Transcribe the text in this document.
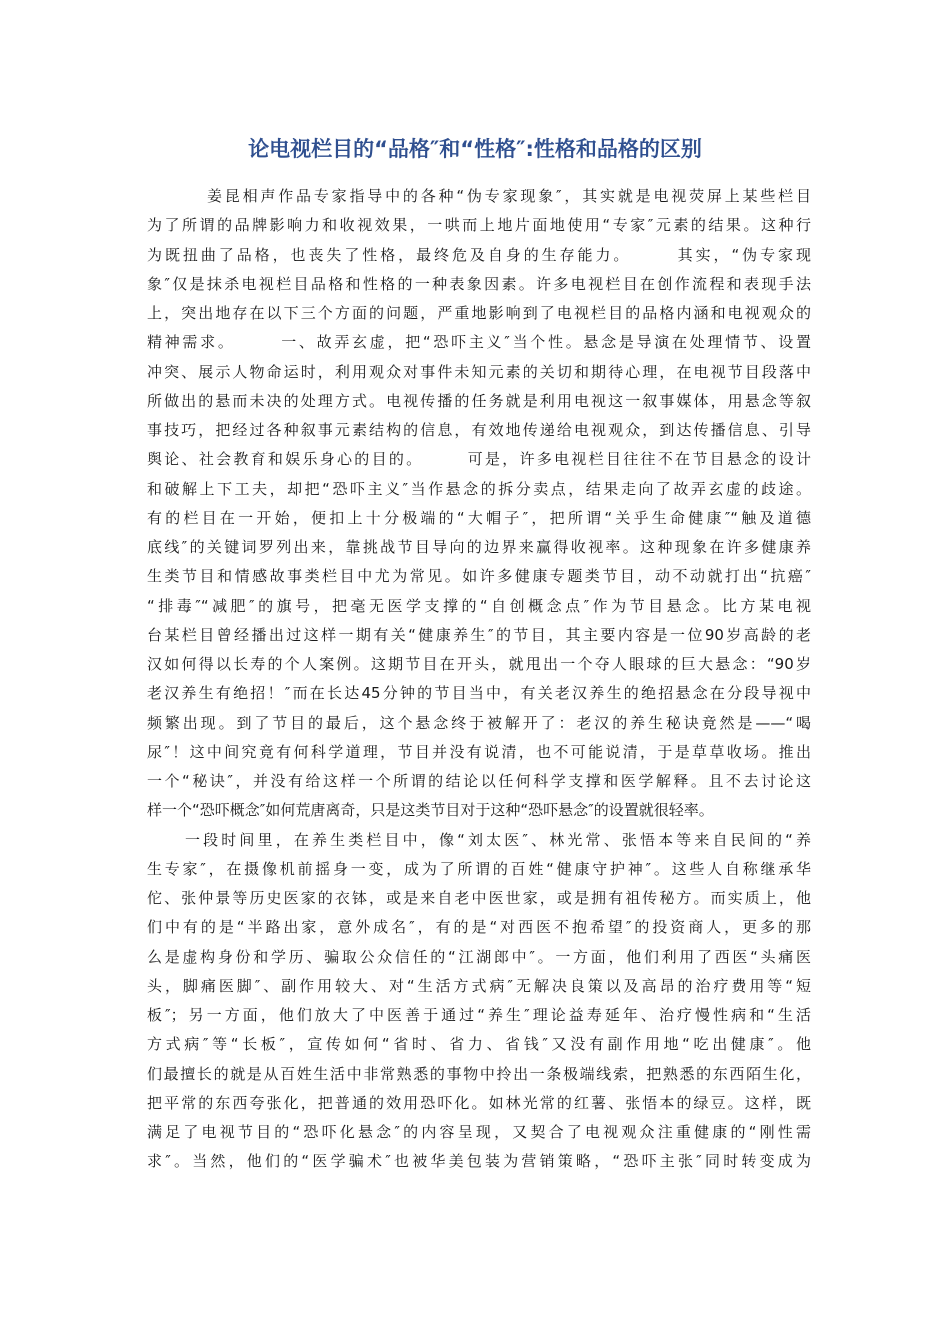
论电视栏目的“品格″和“性格″:性格和品格的区别
姜昆相声作品专家指导中的各种“伪专家现象″，其实就是电视荧屏上某些栏目
为了所谓的品牌影响力和收视效果，一哄而上地片面地使用“专家″元素的结果。这种行
为既扭曲了品格，也丧失了性格，最终危及自身的生存能力。　　　其实，“伪专家现
象″仅是抹杀电视栏目品格和性格的一种表象因素。许多电视栏目在创作流程和表现手法
上，突出地存在以下三个方面的问题，严重地影响到了电视栏目的品格内涵和电视观众的
精神需求。　　　一、故弄玄虚，把“恐吓主义″当个性。悬念是导演在处理情节、设置
冲突、展示人物命运时，利用观众对事件未知元素的关切和期待心理，在电视节目段落中
所做出的悬而未决的处理方式。电视传播的任务就是利用电视这一叙事媒体，用悬念等叙
事技巧，把经过各种叙事元素结构的信息，有效地传递给电视观众，到达传播信息、引导
舆论、社会教育和娱乐身心的目的。　　　可是，许多电视栏目往往不在节目悬念的设计
和破解上下工夫，却把“恐吓主义″当作悬念的拆分卖点，结果走向了故弄玄虚的歧途。
有的栏目在一开始，便扣上十分极端的“大帽子″，把所谓“关乎生命健康″“触及道德
底线″的关键词罗列出来，靠挑战节目导向的边界来赢得收视率。这种现象在许多健康养
生类节目和情感故事类栏目中尤为常见。如许多健康专题类节目，动不动就打出“抗癌″
“排毒″“减肥″的旗号，把毫无医学支撑的“自创概念点″作为节目悬念。比方某电视
台某栏目曾经播出过这样一期有关“健康养生″的节目，其主要内容是一位90岁高龄的老
汉如何得以长寿的个人案例。这期节目在开头，就甩出一个夺人眼球的巨大悬念：“90岁
老汉养生有绝招！″而在长达45分钟的节目当中，有关老汉养生的绝招悬念在分段导视中
频繁出现。到了节目的最后，这个悬念终于被解开了：老汉的养生秘诀竟然是——“喝
尿″！这中间究竟有何科学道理，节目并没有说清，也不可能说清，于是草草收场。推出
一个“秘诀″，并没有给这样一个所谓的结论以任何科学支撑和医学解释。且不去讨论这
样一个“恐吓概念″如何荒唐离奇，只是这类节目对于这种“恐吓悬念″的设置就很轻率。
一段时间里，在养生类栏目中，像“刘太医″、林光常、张悟本等来自民间的“养
生专家″，在摄像机前摇身一变，成为了所谓的百姓“健康守护神″。这些人自称继承华
佗、张仲景等历史医家的衣钵，或是来自老中医世家，或是拥有祖传秘方。而实质上，他
们中有的是“半路出家，意外成名″，有的是“对西医不抱希望″的投资商人，更多的那
么是虚构身份和学历、骗取公众信任的“江湖郎中″。一方面，他们利用了西医“头痛医
头，脚痛医脚″、副作用较大、对“生活方式病″无解决良策以及高昂的治疗费用等“短
板″；另一方面，他们放大了中医善于通过“养生″理论益寿延年、治疗慢性病和“生活
方式病″等“长板″，宣传如何“省时、省力、省钱″又没有副作用地“吃出健康″。他
们最擅长的就是从百姓生活中非常熟悉的事物中拎出一条极端线索，把熟悉的东西陌生化，
把平常的东西夸张化，把普通的效用恐吓化。如林光常的红薯、张悟本的绿豆。这样，既
满足了电视节目的“恐吓化悬念″的内容呈现，又契合了电视观众注重健康的“刚性需
求″。当然，他们的“医学骗术″也被华美包装为营销策略，“恐吓主张″同时转变成为
